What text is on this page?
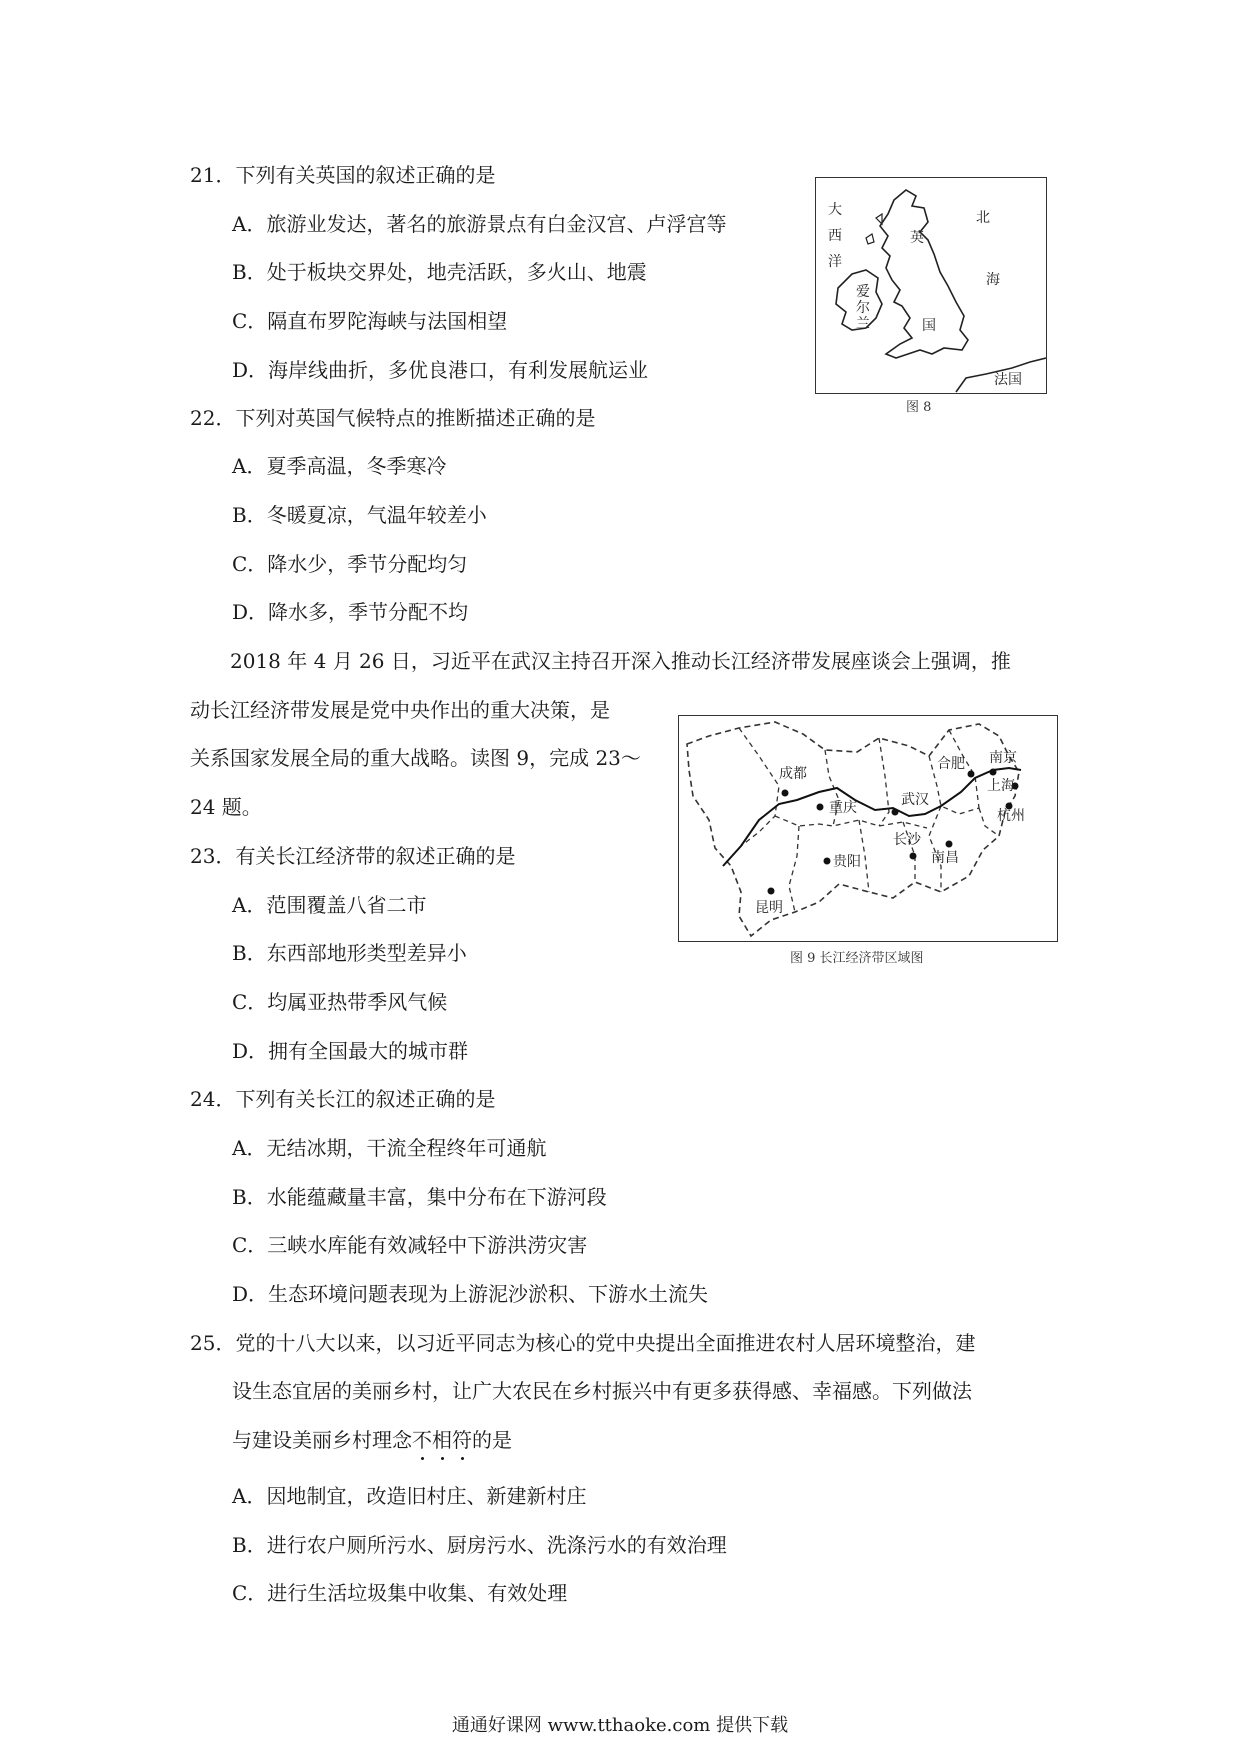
21．下列有关英国的叙述正确的是
A．旅游业发达，著名的旅游景点有白金汉宫、卢浮宫等
B．处于板块交界处，地壳活跃，多火山、地震
C．隔直布罗陀海峡与法国相望
D．海岸线曲折，多优良港口，有利发展航运业
大
西
洋
北
海
英
国
爱
尔
兰
法国
图 8
22．下列对英国气候特点的推断描述正确的是
A．夏季高温，冬季寒冷
B．冬暖夏凉，气温年较差小
C．降水少，季节分配均匀
D．降水多，季节分配不均
2018 年 4 月 26 日，习近平在武汉主持召开深入推动长江经济带发展座谈会上强调，推
动长江经济带发展是党中央作出的重大决策，是
关系国家发展全局的重大战略。读图 9，完成 23～
24 题。
成都
重庆	武汉
合肥 南京
上海
杭州
长沙
南昌
贵阳
昆明
图 9 长江经济带区域图
23．有关长江经济带的叙述正确的是
A．范围覆盖八省二市
B．东西部地形类型差异小
C．均属亚热带季风气候
D．拥有全国最大的城市群
24．下列有关长江的叙述正确的是
A．无结冰期，干流全程终年可通航
B．水能蕴藏量丰富，集中分布在下游河段
C．三峡水库能有效减轻中下游洪涝灾害
D．生态环境问题表现为上游泥沙淤积、下游水土流失
25．党的十八大以来，以习近平同志为核心的党中央提出全面推进农村人居环境整治，建
设生态宜居的美丽乡村，让广大农民在乡村振兴中有更多获得感、幸福感。下列做法
与建设美丽乡村理念不相符的是
A．因地制宜，改造旧村庄、新建新村庄
B．进行农户厕所污水、厨房污水、洗涤污水的有效治理
C．进行生活垃圾集中收集、有效处理
通通好课网 www.tthaoke.com 提供下载
